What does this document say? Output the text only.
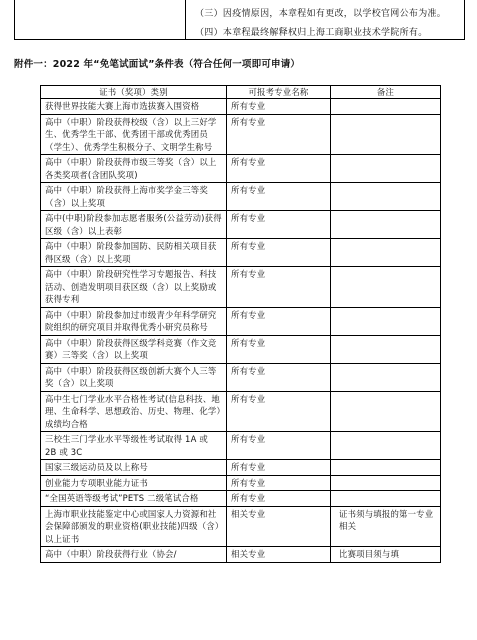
（三）因疫情原因，本章程如有更改，以学校官网公布为准。
（四）本章程最终解释权归上海工商职业技术学院所有。
附件一：2022 年“免笔试面试”条件表（符合任何一项即可申请）
证书（奖项）类别	可报考专业名称	备注
获得世界技能大赛上海市选拔赛入围资格	所有专业	
高中（中职）阶段获得校级（含）以上三好学生、优秀学生干部、优秀团干部或优秀团员（学生）、优秀学生积极分子、文明学生称号	所有专业	
高中（中职）阶段获得市级三等奖（含）以上各类奖项者(含团队奖项)	所有专业	
高中（中职）阶段获得上海市奖学金三等奖（含）以上奖项	所有专业	
高中(中职)阶段参加志愿者服务(公益劳动)获得区级（含）以上表彰	所有专业	
高中（中职）阶段参加国防、民防相关项目获得区级（含）以上奖项	所有专业	
高中（中职）阶段研究性学习专题报告、科技活动、创造发明项目获区级（含）以上奖励或获得专利	所有专业	
高中（中职）阶段参加过市级青少年科学研究院组织的研究项目并取得优秀小研究员称号	所有专业	
高中（中职）阶段获得区级学科竞赛（作文竞赛）三等奖（含）以上奖项	所有专业	
高中（中职）阶段获得区级创新大赛个人三等奖（含）以上奖项	所有专业	
高中生七门学业水平合格性考试(信息科技、地理、生命科学、思想政治、历史、物理、化学）成绩均合格	所有专业	
三校生三门学业水平等级性考试取得 1A 或 2B 或 3C	所有专业	
国家三级运动员及以上称号	所有专业	
创业能力专项职业能力证书	所有专业	
“全国英语等级考试”PETS 二级笔试合格	所有专业	
上海市职业技能鉴定中心或国家人力资源和社会保障部颁发的职业资格(职业技能)四级（含）以上证书	相关专业	证书须与填报的第一专业相关
高中（中职）阶段获得行业（协会/	相关专业	比赛项目须与填
